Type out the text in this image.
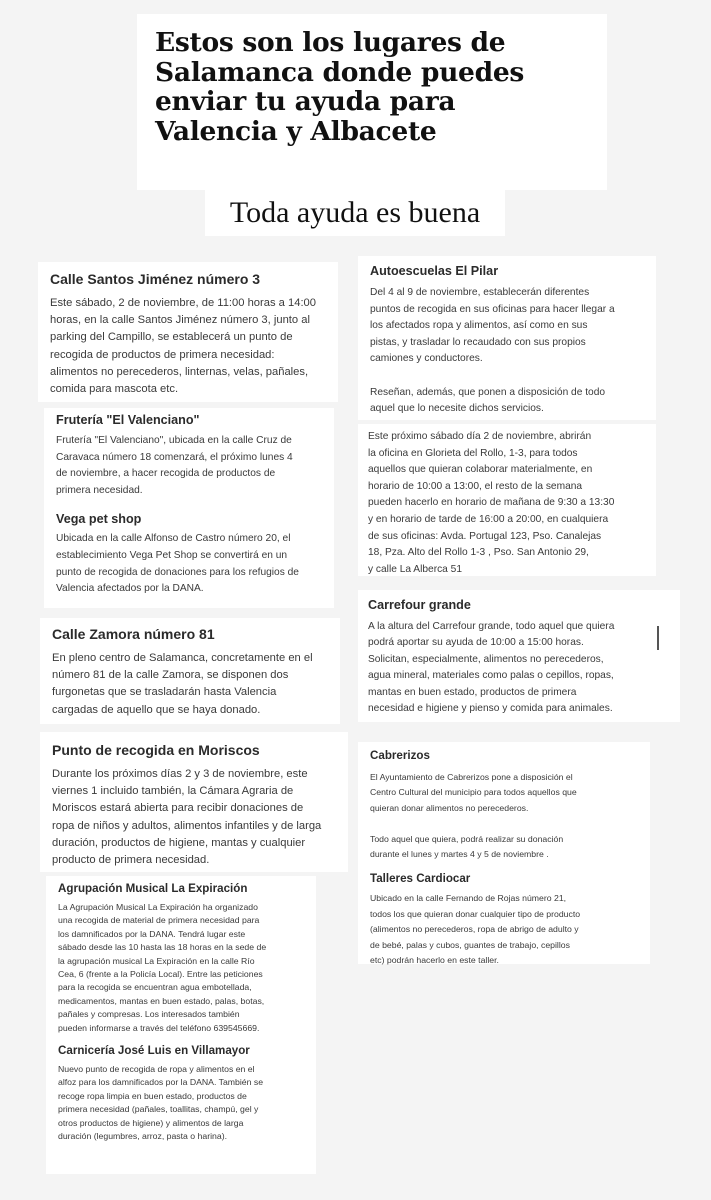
Estos son los lugares de
Salamanca donde puedes
enviar tu ayuda para
Valencia y Albacete
Toda ayuda es buena
Calle Santos Jiménez número 3

Este sábado, 2 de noviembre, de 11:00 horas a 14:00
horas, en la calle Santos Jiménez número 3, junto al
parking del Campillo, se establecerá un punto de
recogida de productos de primera necesidad:
alimentos no perecederos, linternas, velas, pañales,
comida para mascota etc.

Frutería "El Valenciano"

Frutería "El Valenciano", ubicada en la calle Cruz de
Caravaca número 18 comenzará, el próximo lunes 4
de noviembre, a hacer recogida de productos de
primera necesidad.

Vega pet shop

Ubicada en la calle Alfonso de Castro número 20, el
establecimiento Vega Pet Shop se convertirá en un
punto de recogida de donaciones para los refugios de
Valencia afectados por la DANA.

Calle Zamora número 81

En pleno centro de Salamanca, concretamente en el
número 81 de la calle Zamora, se disponen dos
furgonetas que se trasladarán hasta Valencia
cargadas de aquello que se haya donado.

Punto de recogida en Moriscos

Durante los próximos días 2 y 3 de noviembre, este
viernes 1 incluido también, la Cámara Agraria de
Moriscos estará abierta para recibir donaciones de
ropa de niños y adultos, alimentos infantiles y de larga
duración, productos de higiene, mantas y cualquier
producto de primera necesidad.

Agrupación Musical La Expiración

La Agrupación Musical La Expiración ha organizado
una recogida de material de primera necesidad para
los damnificados por la DANA. Tendrá lugar este
sábado desde las 10 hasta las 18 horas en la sede de
la agrupación musical La Expiración en la calle Río
Cea, 6 (frente a la Policía Local). Entre las peticiones
para la recogida se encuentran agua embotellada,
medicamentos, mantas en buen estado, palas, botas,
pañales y compresas. Los interesados también
pueden informarse a través del teléfono 639545669.

Carnicería José Luis en Villamayor

Nuevo punto de recogida de ropa y alimentos en el
alfoz para los damnificados por la DANA. También se
recoge ropa limpia en buen estado, productos de
primera necesidad (pañales, toallitas, champú, gel y
otros productos de higiene) y alimentos de larga
duración (legumbres, arroz, pasta o harina).

Autoescuelas El Pilar

Del 4 al 9 de noviembre, establecerán diferentes
puntos de recogida en sus oficinas para hacer llegar a
los afectados ropa y alimentos, así como en sus
pistas, y trasladar lo recaudado con sus propios
camiones y conductores.

Reseñan, además, que ponen a disposición de todo
aquel que lo necesite dichos servicios.

Este próximo sábado día 2 de noviembre, abrirán
la oficina en Glorieta del Rollo, 1-3, para todos
aquellos que quieran colaborar materialmente, en
horario de 10:00 a 13:00, el resto de la semana
pueden hacerlo en horario de mañana de 9:30 a 13:30
y en horario de tarde de 16:00 a 20:00, en cualquiera
de sus oficinas: Avda. Portugal 123, Pso. Canalejas
18, Pza. Alto del Rollo 1-3 , Pso. San Antonio 29,
y calle La Alberca 51

Carrefour grande

A la altura del Carrefour grande, todo aquel que quiera
podrá aportar su ayuda de 10:00 a 15:00 horas.
Solicitan, especialmente, alimentos no perecederos,
agua mineral, materiales como palas o cepillos, ropas,
mantas en buen estado, productos de primera
necesidad e higiene y pienso y comida para animales.

Cabrerizos

El Ayuntamiento de Cabrerizos pone a disposición el
Centro Cultural del municipio para todos aquellos que
quieran donar alimentos no perecederos.

Todo aquel que quiera, podrá realizar su donación
durante el lunes y martes 4 y 5 de noviembre .

Talleres Cardiocar

Ubicado en la calle Fernando de Rojas número 21,
todos los que quieran donar cualquier tipo de producto
(alimentos no perecederos, ropa de abrigo de adulto y
de bebé, palas y cubos, guantes de trabajo, cepillos
etc) podrán hacerlo en este taller.
